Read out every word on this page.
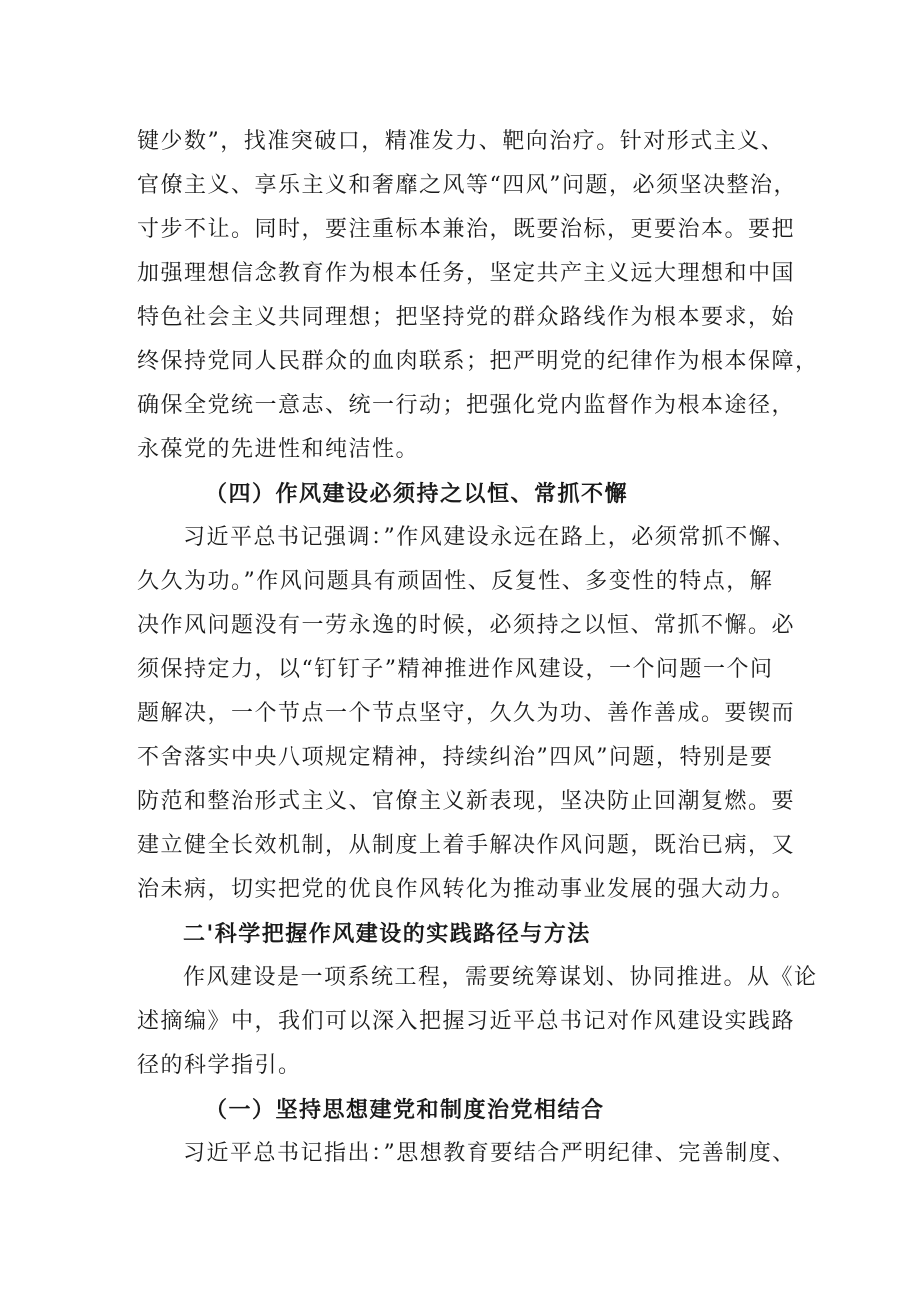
键少数”，找准突破口，精准发力、靶向治疗。针对形式主义、
官僚主义、享乐主义和奢靡之风等“四风”问题，必须坚决整治，
寸步不让。同时，要注重标本兼治，既要治标，更要治本。要把
加强理想信念教育作为根本任务，坚定共产主义远大理想和中国
特色社会主义共同理想；把坚持党的群众路线作为根本要求，始
终保持党同人民群众的血肉联系；把严明党的纪律作为根本保障，
确保全党统一意志、统一行动；把强化党内监督作为根本途径，
永葆党的先进性和纯洁性。
（四）作风建设必须持之以恒、常抓不懈
习近平总书记强调：”作风建设永远在路上，必须常抓不懈、
久久为功。”作风问题具有顽固性、反复性、多变性的特点，解
决作风问题没有一劳永逸的时候，必须持之以恒、常抓不懈。必
须保持定力，以“钉钉子”精神推进作风建设，一个问题一个问
题解决，一个节点一个节点坚守，久久为功、善作善成。要锲而
不舍落实中央八项规定精神，持续纠治”四风”问题，特别是要
防范和整治形式主义、官僚主义新表现，坚决防止回潮复燃。要
建立健全长效机制，从制度上着手解决作风问题，既治已病，又
治未病，切实把党的优良作风转化为推动事业发展的强大动力。
二'科学把握作风建设的实践路径与方法
作风建设是一项系统工程，需要统筹谋划、协同推进。从《论
述摘编》中，我们可以深入把握习近平总书记对作风建设实践路
径的科学指引。
（一）坚持思想建党和制度治党相结合
习近平总书记指出：”思想教育要结合严明纪律、完善制度、
